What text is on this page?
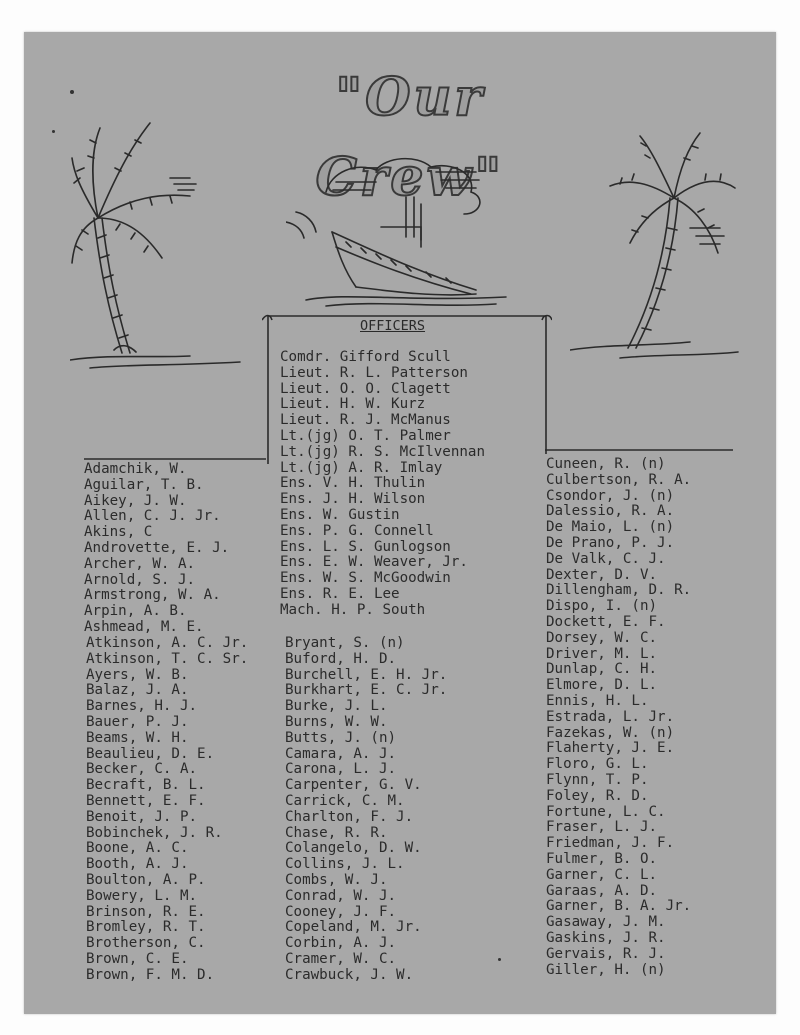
"Our Crew"
OFFICERS
Comdr. Gifford Scull
Lieut. R. L. Patterson
Lieut. O. O. Clagett
Lieut. H. W. Kurz
Lieut. R. J. McManus
Lt.(jg) O. T. Palmer
Lt.(jg) R. S. McIlvennan
Lt.(jg) A. R. Imlay
Ens. V. H. Thulin
Ens. J. H. Wilson
Ens. W. Gustin
Ens. P. G. Connell
Ens. L. S. Gunlogson
Ens. E. W. Weaver, Jr.
Ens. W. S. McGoodwin
Ens. R. E. Lee
Mach. H. P. South
Adamchik, W.
Aguilar, T. B.
Aikey, J. W.
Allen, C. J. Jr.
Akins, C
Androvette, E. J.
Archer, W. A.
Arnold, S. J.
Armstrong, W. A.
Arpin, A. B.
Ashmead, M. E.
Atkinson, A. C. Jr.
Atkinson, T. C. Sr.
Ayers, W. B.
Balaz, J. A.
Barnes, H. J.
Bauer, P. J.
Beams, W. H.
Beaulieu, D. E.
Becker, C. A.
Becraft, B. L.
Bennett, E. F.
Benoit, J. P.
Bobinchek, J. R.
Boone, A. C.
Booth, A. J.
Boulton, A. P.
Bowery, L. M.
Brinson, R. E.
Bromley, R. T.
Brotherson, C.
Brown, C. E.
Brown, F. M. D.
Bryant, S. (n)
Buford, H. D.
Burchell, E. H. Jr.
Burkhart, E. C. Jr.
Burke, J. L.
Burns, W. W.
Butts, J. (n)
Camara, A. J.
Carona, L. J.
Carpenter, G. V.
Carrick, C. M.
Charlton, F. J.
Chase, R. R.
Colangelo, D. W.
Collins, J. L.
Combs, W. J.
Conrad, W. J.
Cooney, J. F.
Copeland, M. Jr.
Corbin, A. J.
Cramer, W. C.
Crawbuck, J. W.
Cuneen, R. (n)
Culbertson, R. A.
Csondor, J. (n)
Dalessio, R. A.
De Maio, L. (n)
De Prano, P. J.
De Valk, C. J.
Dexter, D. V.
Dillengham, D. R.
Dispo, I. (n)
Dockett, E. F.
Dorsey, W. C.
Driver, M. L.
Dunlap, C. H.
Elmore, D. L.
Ennis, H. L.
Estrada, L. Jr.
Fazekas, W. (n)
Flaherty, J. E.
Floro, G. L.
Flynn, T. P.
Foley, R. D.
Fortune, L. C.
Fraser, L. J.
Friedman, J. F.
Fulmer, B. O.
Garner, C. L.
Garaas, A. D.
Garner, B. A. Jr.
Gasaway, J. M.
Gaskins, J. R.
Gervais, R. J.
Giller, H. (n)
